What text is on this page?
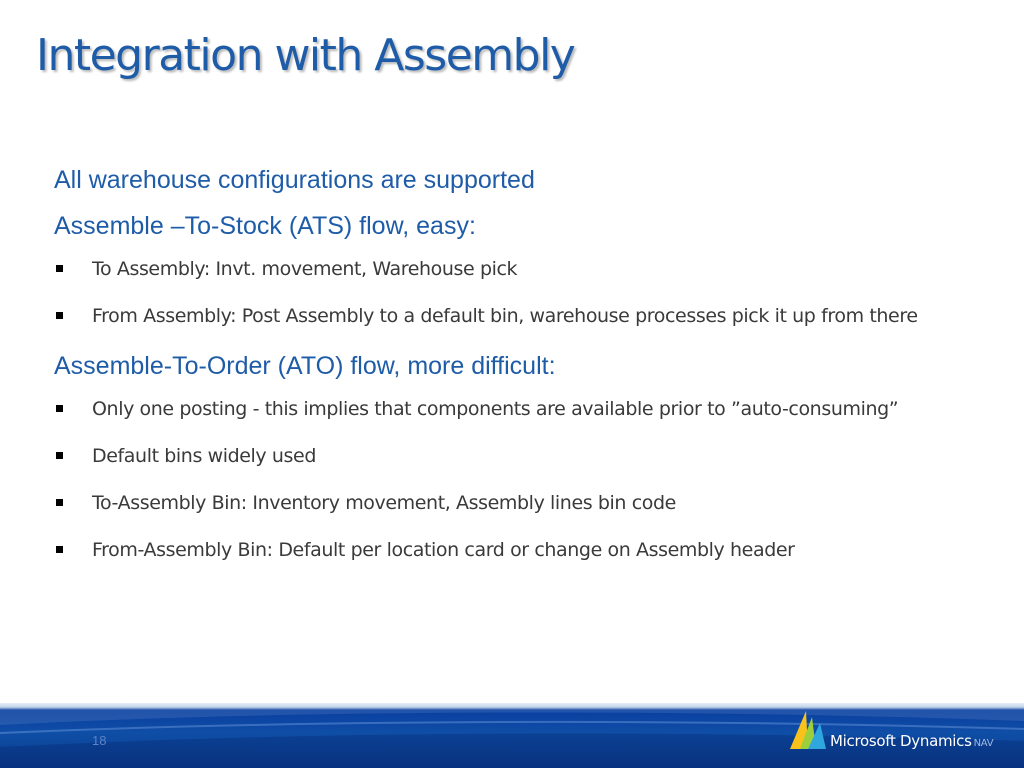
Integration with Assembly
All warehouse configurations are supported
Assemble –To-Stock (ATS) flow, easy:
To Assembly: Invt. movement, Warehouse pick
From Assembly: Post Assembly to a default bin, warehouse processes pick it up from there
Assemble-To-Order (ATO) flow, more difficult:
Only one posting - this implies that components are available prior to ”auto-consuming”
Default bins widely used
To-Assembly Bin: Inventory movement, Assembly lines bin code
From-Assembly Bin: Default per location card or change on Assembly header
18	Microsoft Dynamics NAV
